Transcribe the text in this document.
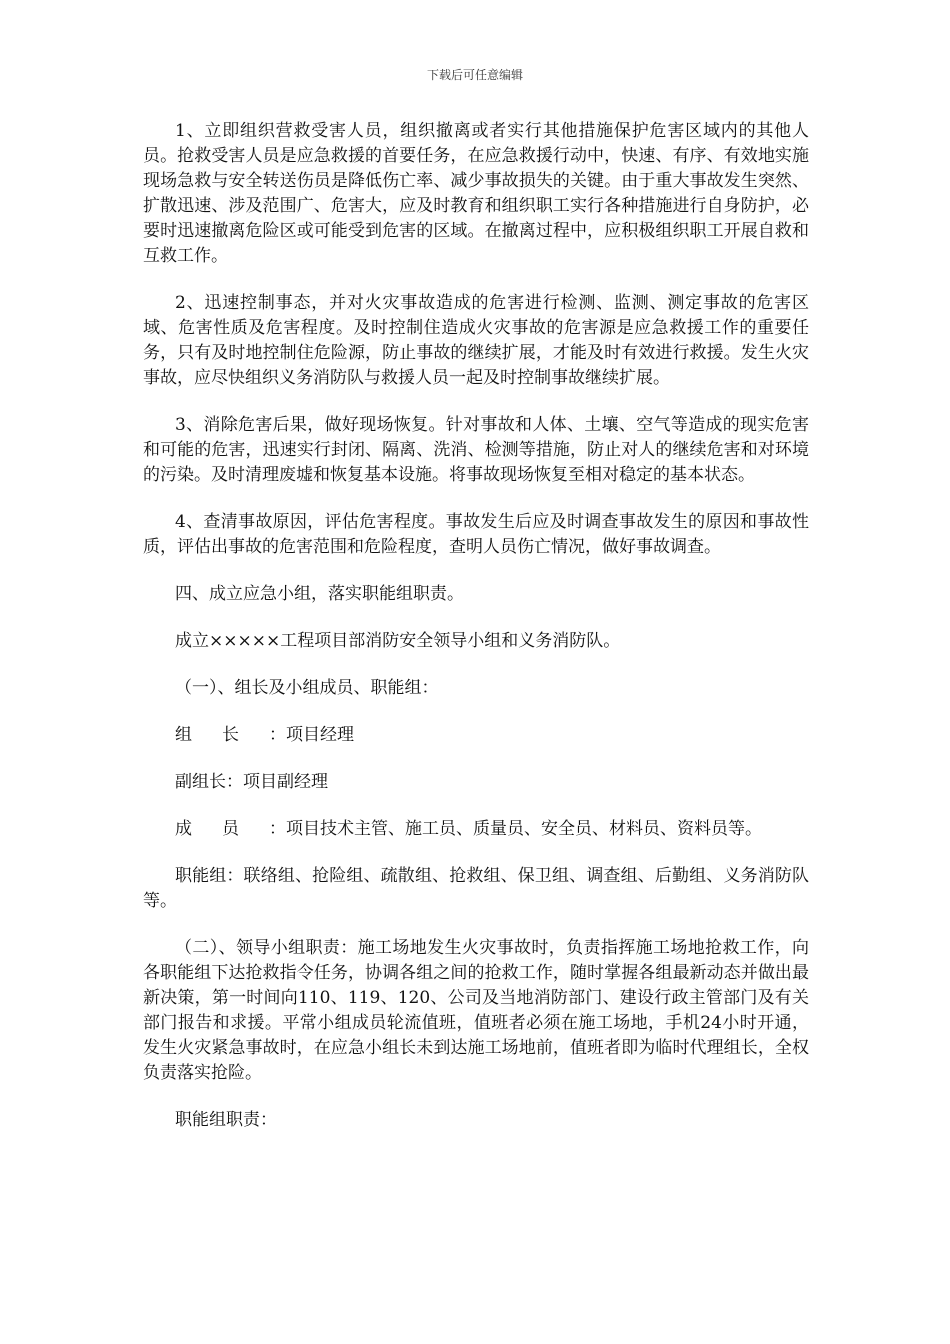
下载后可任意编辑

1、立即组织营救受害人员，组织撤离或者实行其他措施保护危害区域内的其他人员。抢救受害人员是应急救援的首要任务，在应急救援行动中，快速、有序、有效地实施现场急救与安全转送伤员是降低伤亡率、减少事故损失的关键。由于重大事故发生突然、扩散迅速、涉及范围广、危害大，应及时教育和组织职工实行各种措施进行自身防护，必要时迅速撤离危险区或可能受到危害的区域。在撤离过程中，应积极组织职工开展自救和互救工作。

2、迅速控制事态，并对火灾事故造成的危害进行检测、监测、测定事故的危害区域、危害性质及危害程度。及时控制住造成火灾事故的危害源是应急救援工作的重要任务，只有及时地控制住危险源，防止事故的继续扩展，才能及时有效进行救援。发生火灾事故，应尽快组织义务消防队与救援人员一起及时控制事故继续扩展。

3、消除危害后果，做好现场恢复。针对事故和人体、土壤、空气等造成的现实危害和可能的危害，迅速实行封闭、隔离、洗消、检测等措施，防止对人的继续危害和对环境的污染。及时清理废墟和恢复基本设施。将事故现场恢复至相对稳定的基本状态。

4、查清事故原因，评估危害程度。事故发生后应及时调查事故发生的原因和事故性质，评估出事故的危害范围和危险程度，查明人员伤亡情况，做好事故调查。

四、成立应急小组，落实职能组职责。

成立×××××工程项目部消防安全领导小组和义务消防队。

（一）、组长及小组成员、职能组：

组长：项目经理

副组长：项目副经理

成员：项目技术主管、施工员、质量员、安全员、材料员、资料员等。

职能组：联络组、抢险组、疏散组、抢救组、保卫组、调查组、后勤组、义务消防队等。

（二）、领导小组职责：施工场地发生火灾事故时，负责指挥施工场地抢救工作，向各职能组下达抢救指令任务，协调各组之间的抢救工作，随时掌握各组最新动态并做出最新决策，第一时间向110、119、120、公司及当地消防部门、建设行政主管部门及有关部门报告和求援。平常小组成员轮流值班，值班者必须在施工场地，手机24小时开通，发生火灾紧急事故时，在应急小组长未到达施工场地前，值班者即为临时代理组长，全权负责落实抢险。

职能组职责：
